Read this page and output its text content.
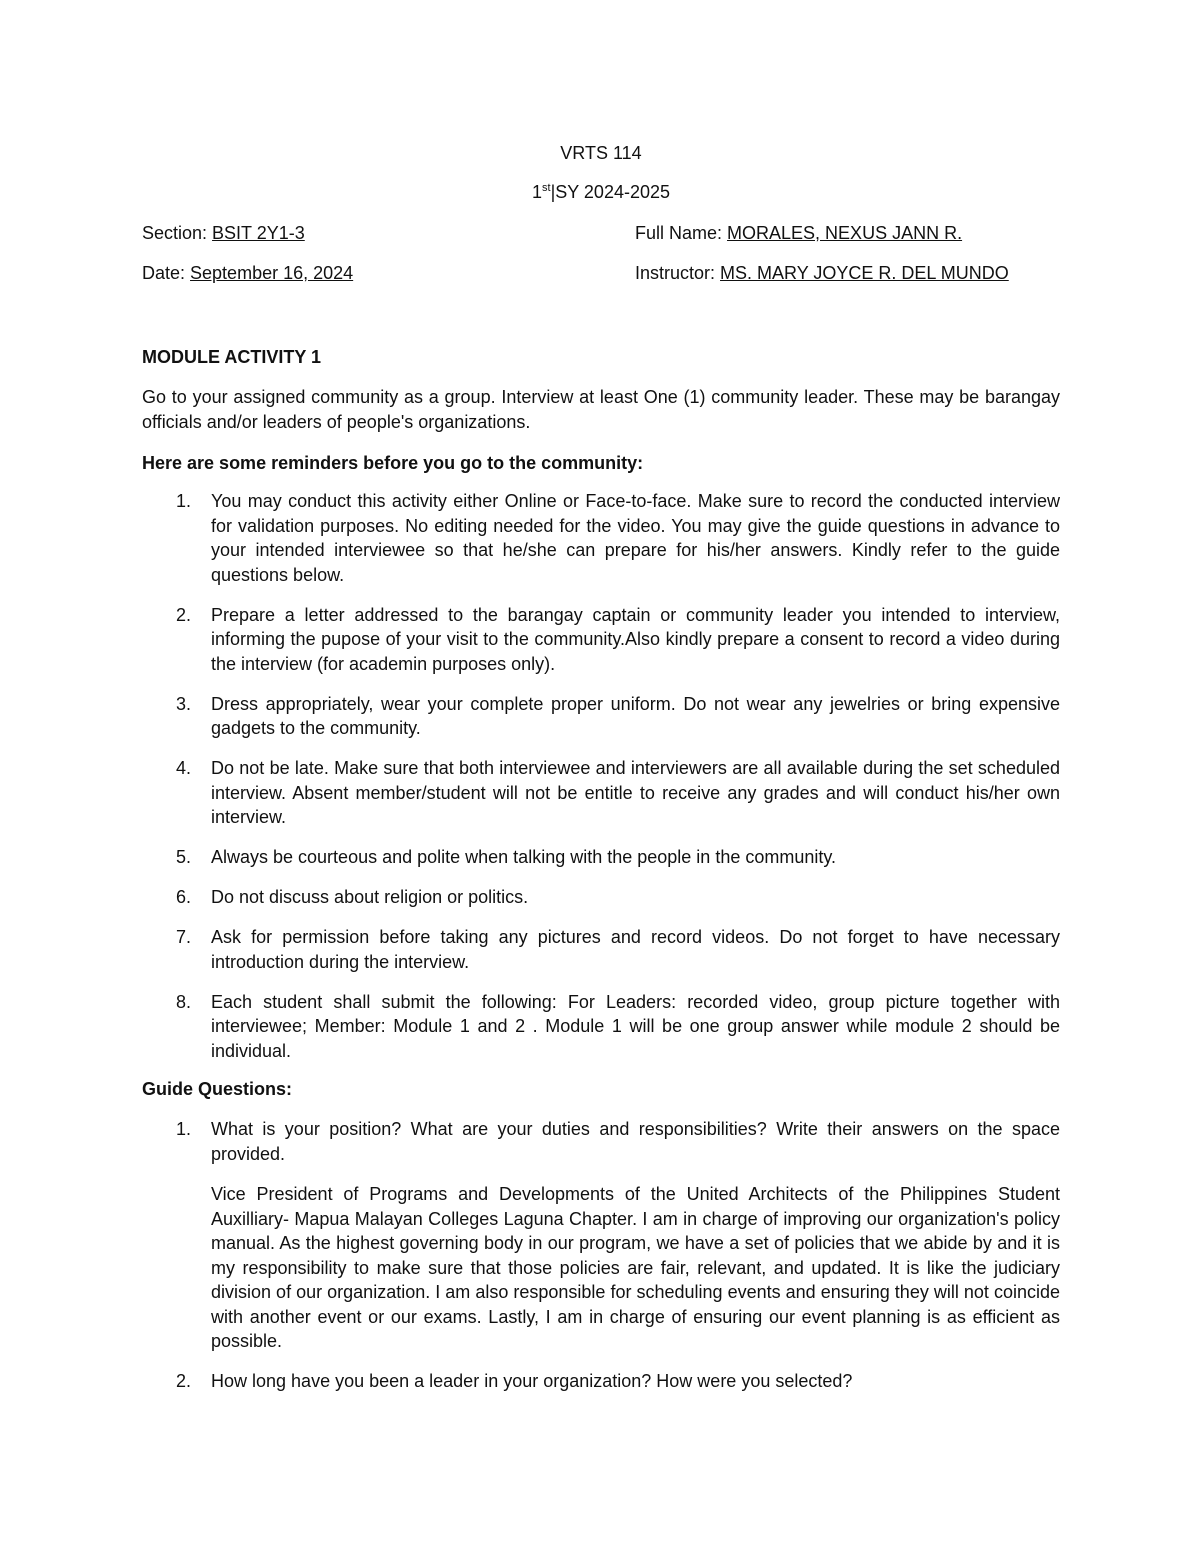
VRTS 114
1st|SY 2024-2025
Section: BSIT 2Y1-3	Full Name: MORALES, NEXUS JANN R.
Date: September 16, 2024	Instructor: MS. MARY JOYCE R. DEL MUNDO
MODULE ACTIVITY 1
Go to your assigned community as a group. Interview at least One (1) community leader. These may be barangay officials and/or leaders of people's organizations.
Here are some reminders before you go to the community:
1. You may conduct this activity either Online or Face-to-face. Make sure to record the conducted interview for validation purposes. No editing needed for the video. You may give the guide questions in advance to your intended interviewee so that he/she can prepare for his/her answers. Kindly refer to the guide questions below.
2. Prepare a letter addressed to the barangay captain or community leader you intended to interview, informing the pupose of your visit to the community.Also kindly prepare a consent to record a video during the interview (for academin purposes only).
3. Dress appropriately, wear your complete proper uniform. Do not wear any jewelries or bring expensive gadgets to the community.
4. Do not be late. Make sure that both interviewee and interviewers are all available during the set scheduled interview. Absent member/student will not be entitle to receive any grades and will conduct his/her own interview.
5. Always be courteous and polite when talking with the people in the community.
6. Do not discuss about religion or politics.
7. Ask for permission before taking any pictures and record videos. Do not forget to have necessary introduction during the interview.
8. Each student shall submit the following: For Leaders: recorded video, group picture together with interviewee; Member: Module 1 and 2 . Module 1 will be one group answer while module 2 should be individual.
Guide Questions:
1. What is your position? What are your duties and responsibilities? Write their answers on the space provided.
Vice President of Programs and Developments of the United Architects of the Philippines Student Auxilliary- Mapua Malayan Colleges Laguna Chapter. I am in charge of improving our organization's policy manual. As the highest governing body in our program, we have a set of policies that we abide by and it is my responsibility to make sure that those policies are fair, relevant, and updated. It is like the judiciary division of our organization. I am also responsible for scheduling events and ensuring they will not coincide with another event or our exams. Lastly, I am in charge of ensuring our event planning is as efficient as possible.
2. How long have you been a leader in your organization? How were you selected?
